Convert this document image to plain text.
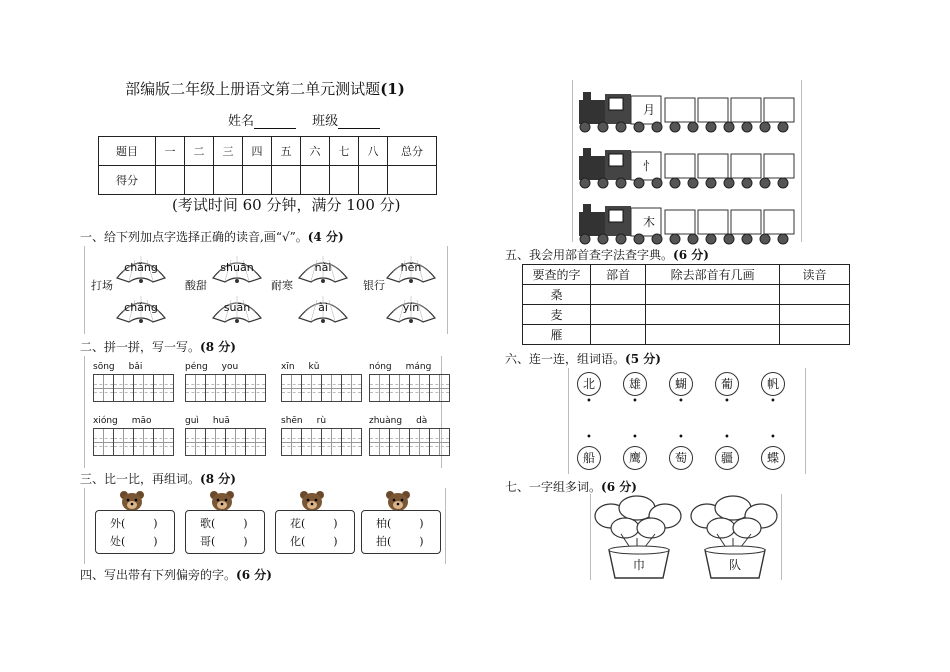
部编版二年级上册语文第二单元测试题(1)
姓名	班级
题目	一	二	三	四	五	六	七	八	总分
得分									
(考试时间 60 分钟，满分 100 分)
一、给下列加点字选择正确的读音,画“√”。(4 分)
chǎng	shuān	nài	hěn
cháng	suān	ài	yín
打场	酸甜	耐寒	银行
二、拼一拼，写一写。(8 分)
sōng bǎi	péng you	xīn kǔ	nóng máng
xióng māo	guì huā	shēn rù	zhuàng dà
三、比一比，再组词。(8 分)
外(	)
处(	)
歌(	)
哥(	)
花(	)
化(	)
柏(	)
拍(	)
四、写出带有下列偏旁的字。(6 分)
月
忄
木
五、我会用部首查字法查字典。(6 分)
要查的字	部首	除去部首有几画	读音
桑			
麦			
雁			
六、连一连，组词语。(5 分)
北
•
雄
•
蝴
•
葡
•
帆
•
船
•
鹰
•
萄
•
疆
•
蝶
•
七、一字组多词。(6 分)
巾	队
